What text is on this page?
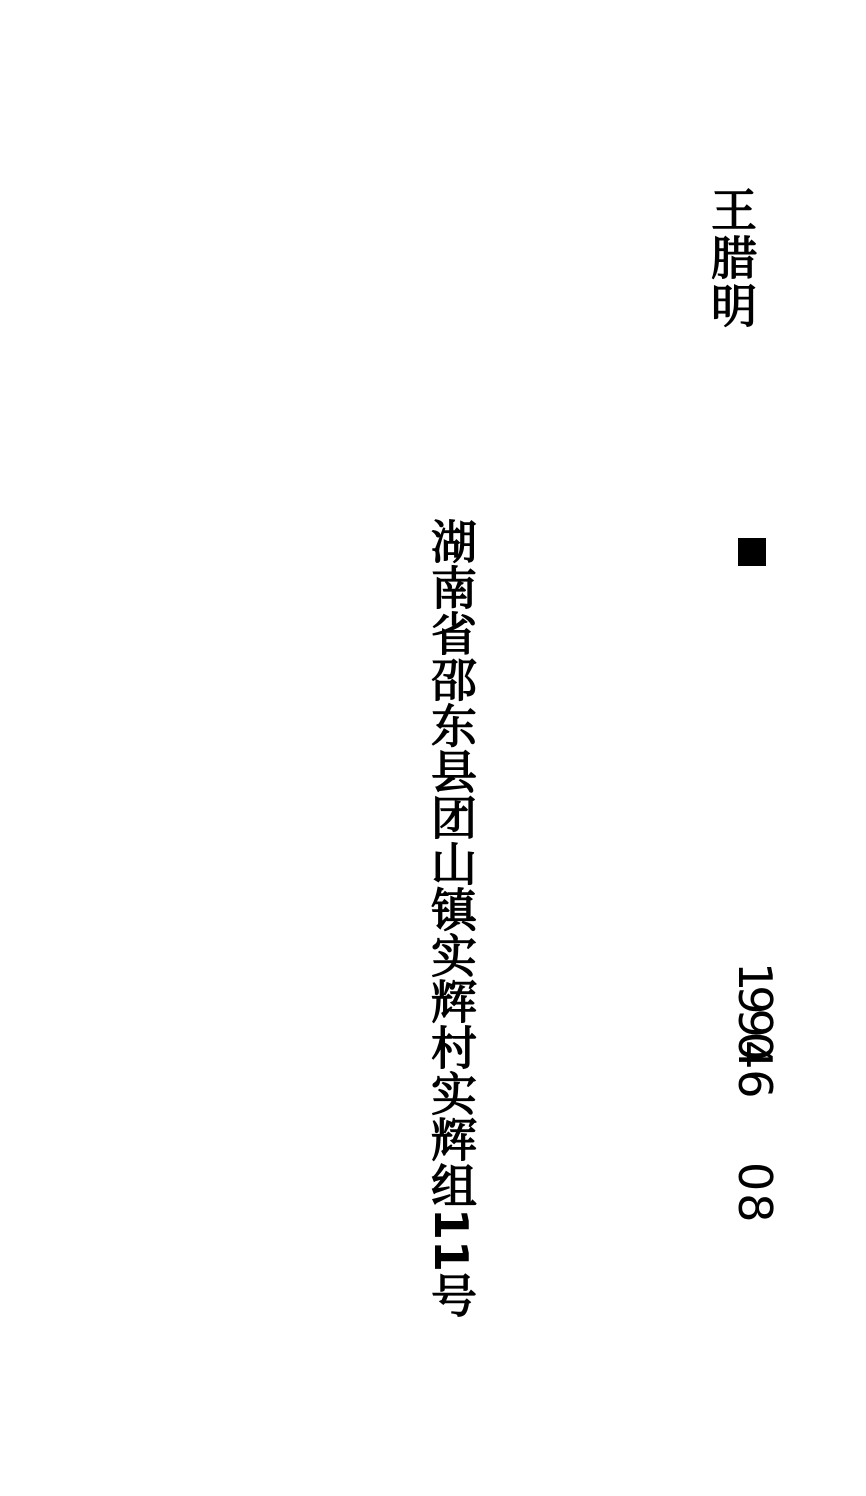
王腊明
1990
46
08
湖南省邵东县团山镇实辉村实辉组11号
